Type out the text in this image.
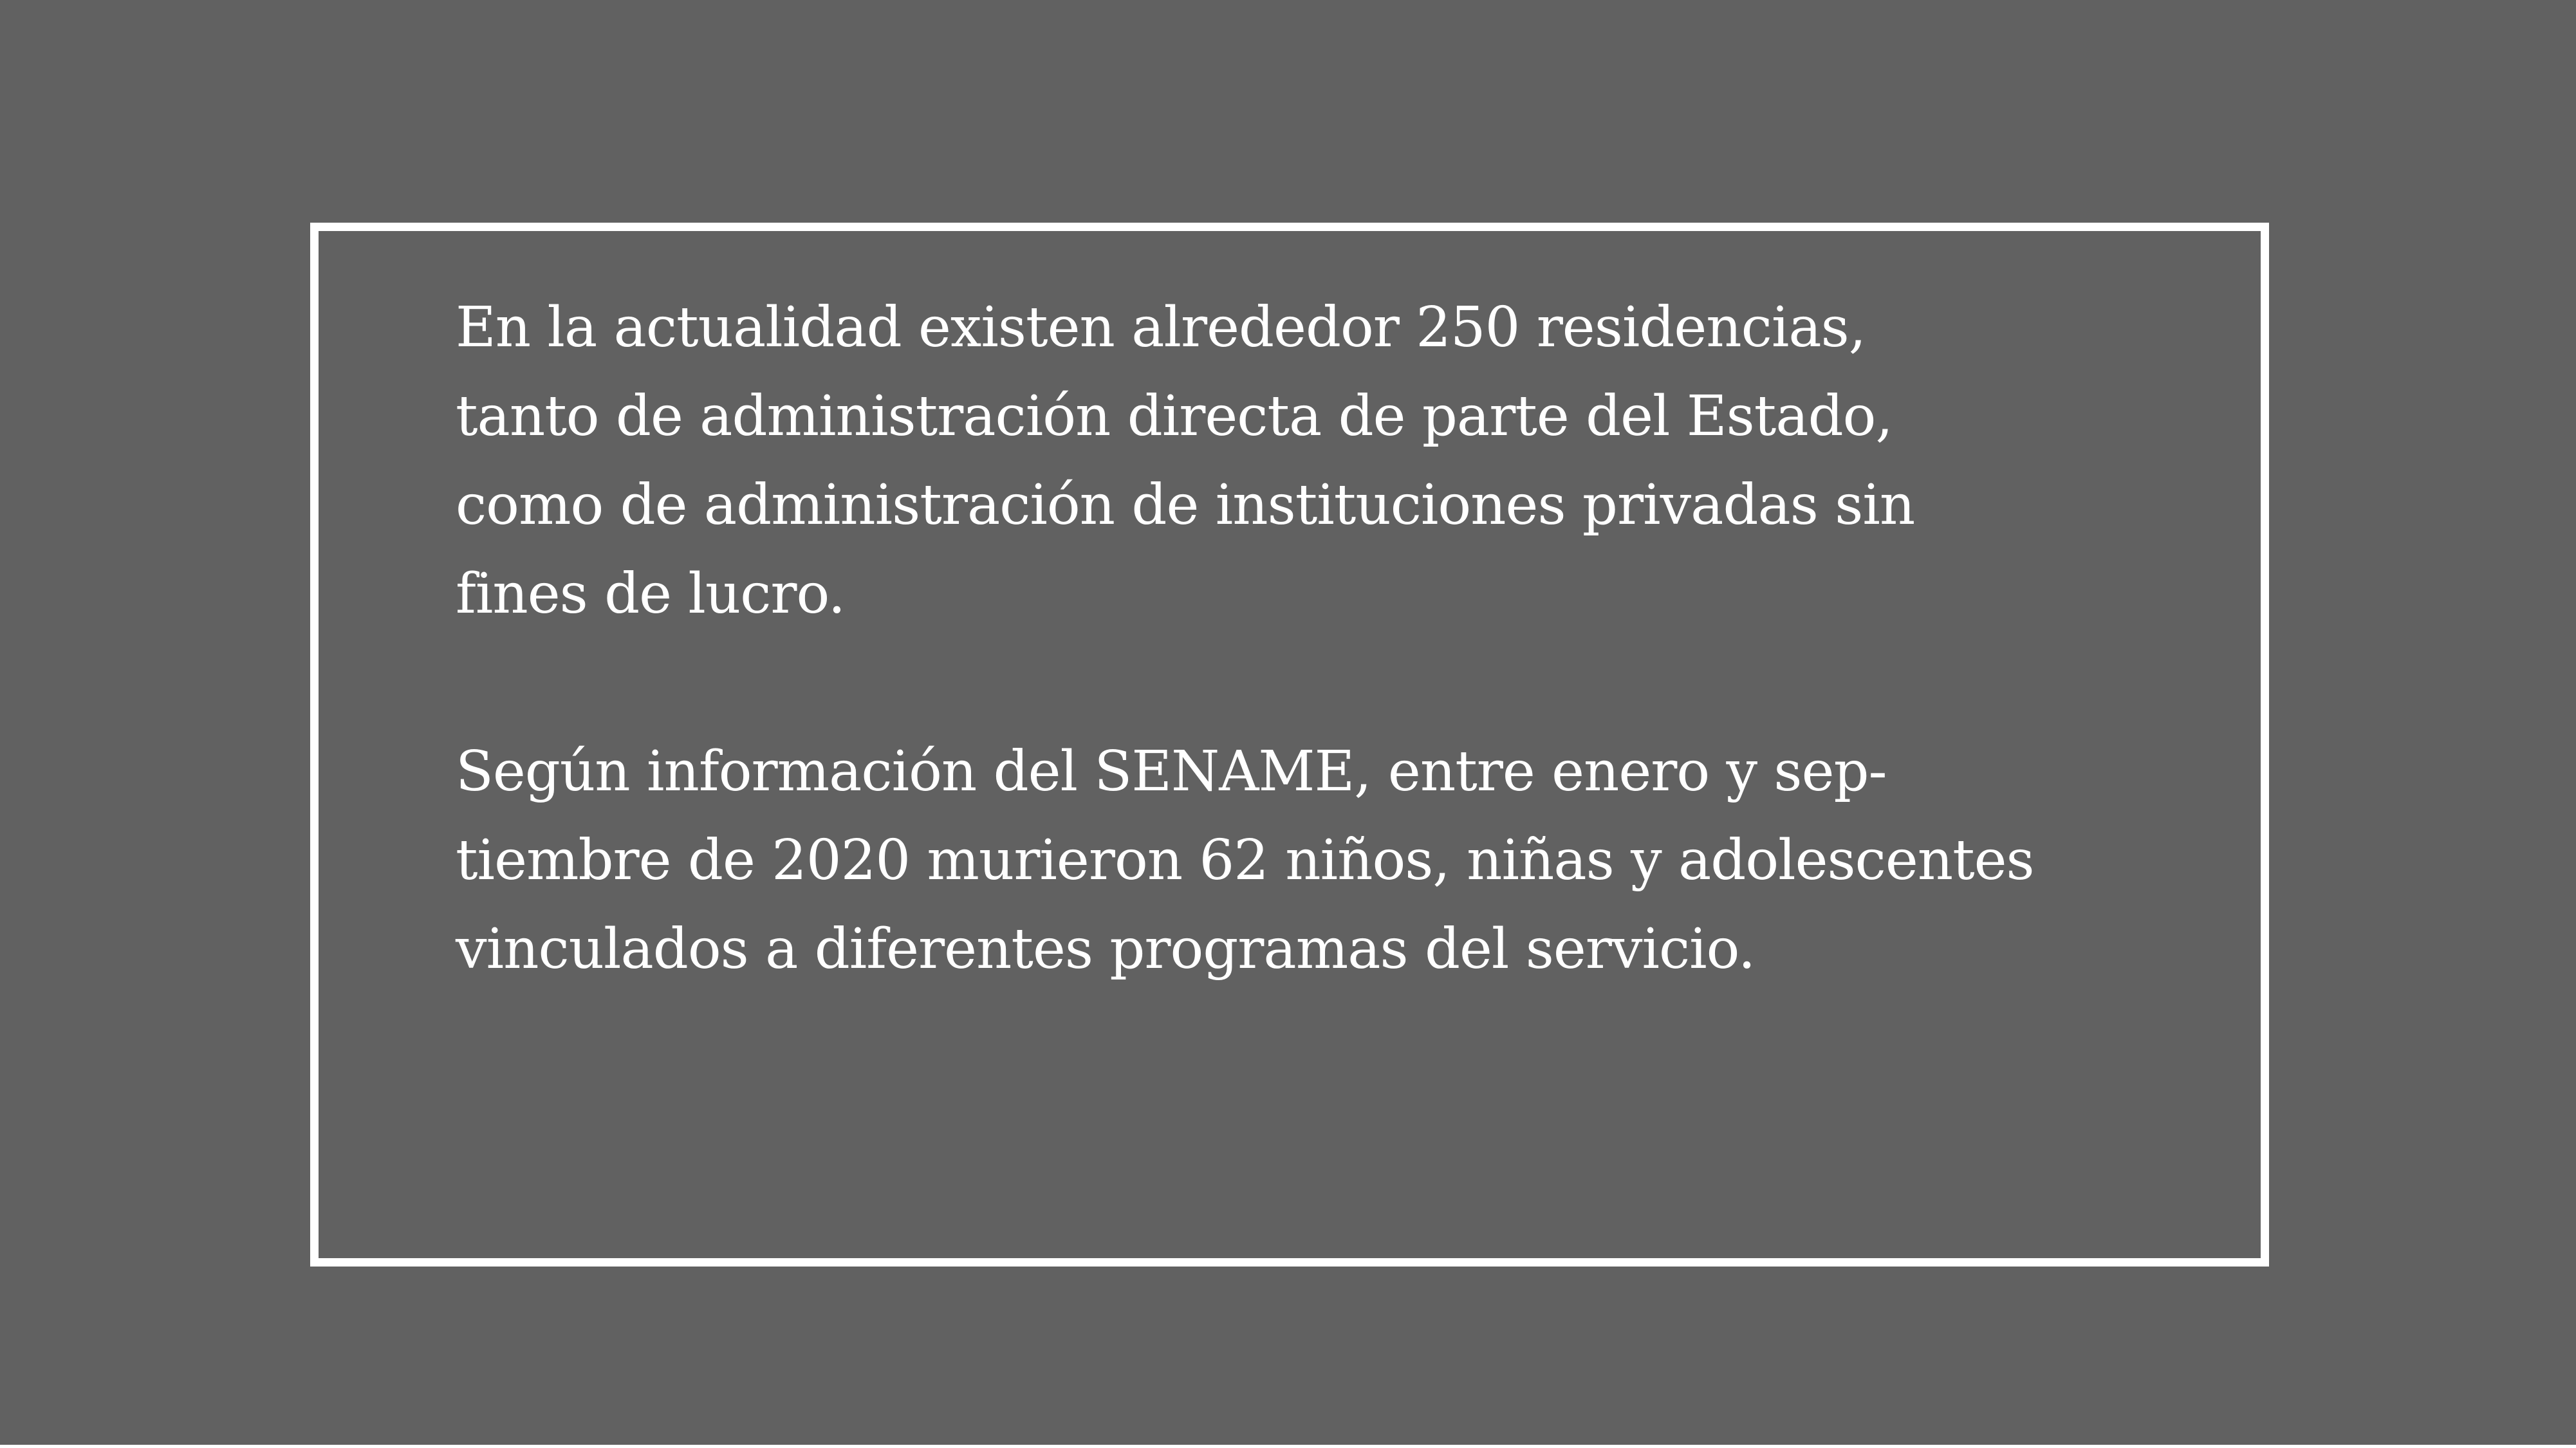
En la actualidad existen alrededor 250 residencias,
tanto de administración directa de parte del Estado,
como de administración de instituciones privadas sin
fines de lucro.

Según información del SENAME, entre enero y sep-
tiembre de 2020 murieron 62 niños, niñas y adolescentes
vinculados a diferentes programas del servicio.
